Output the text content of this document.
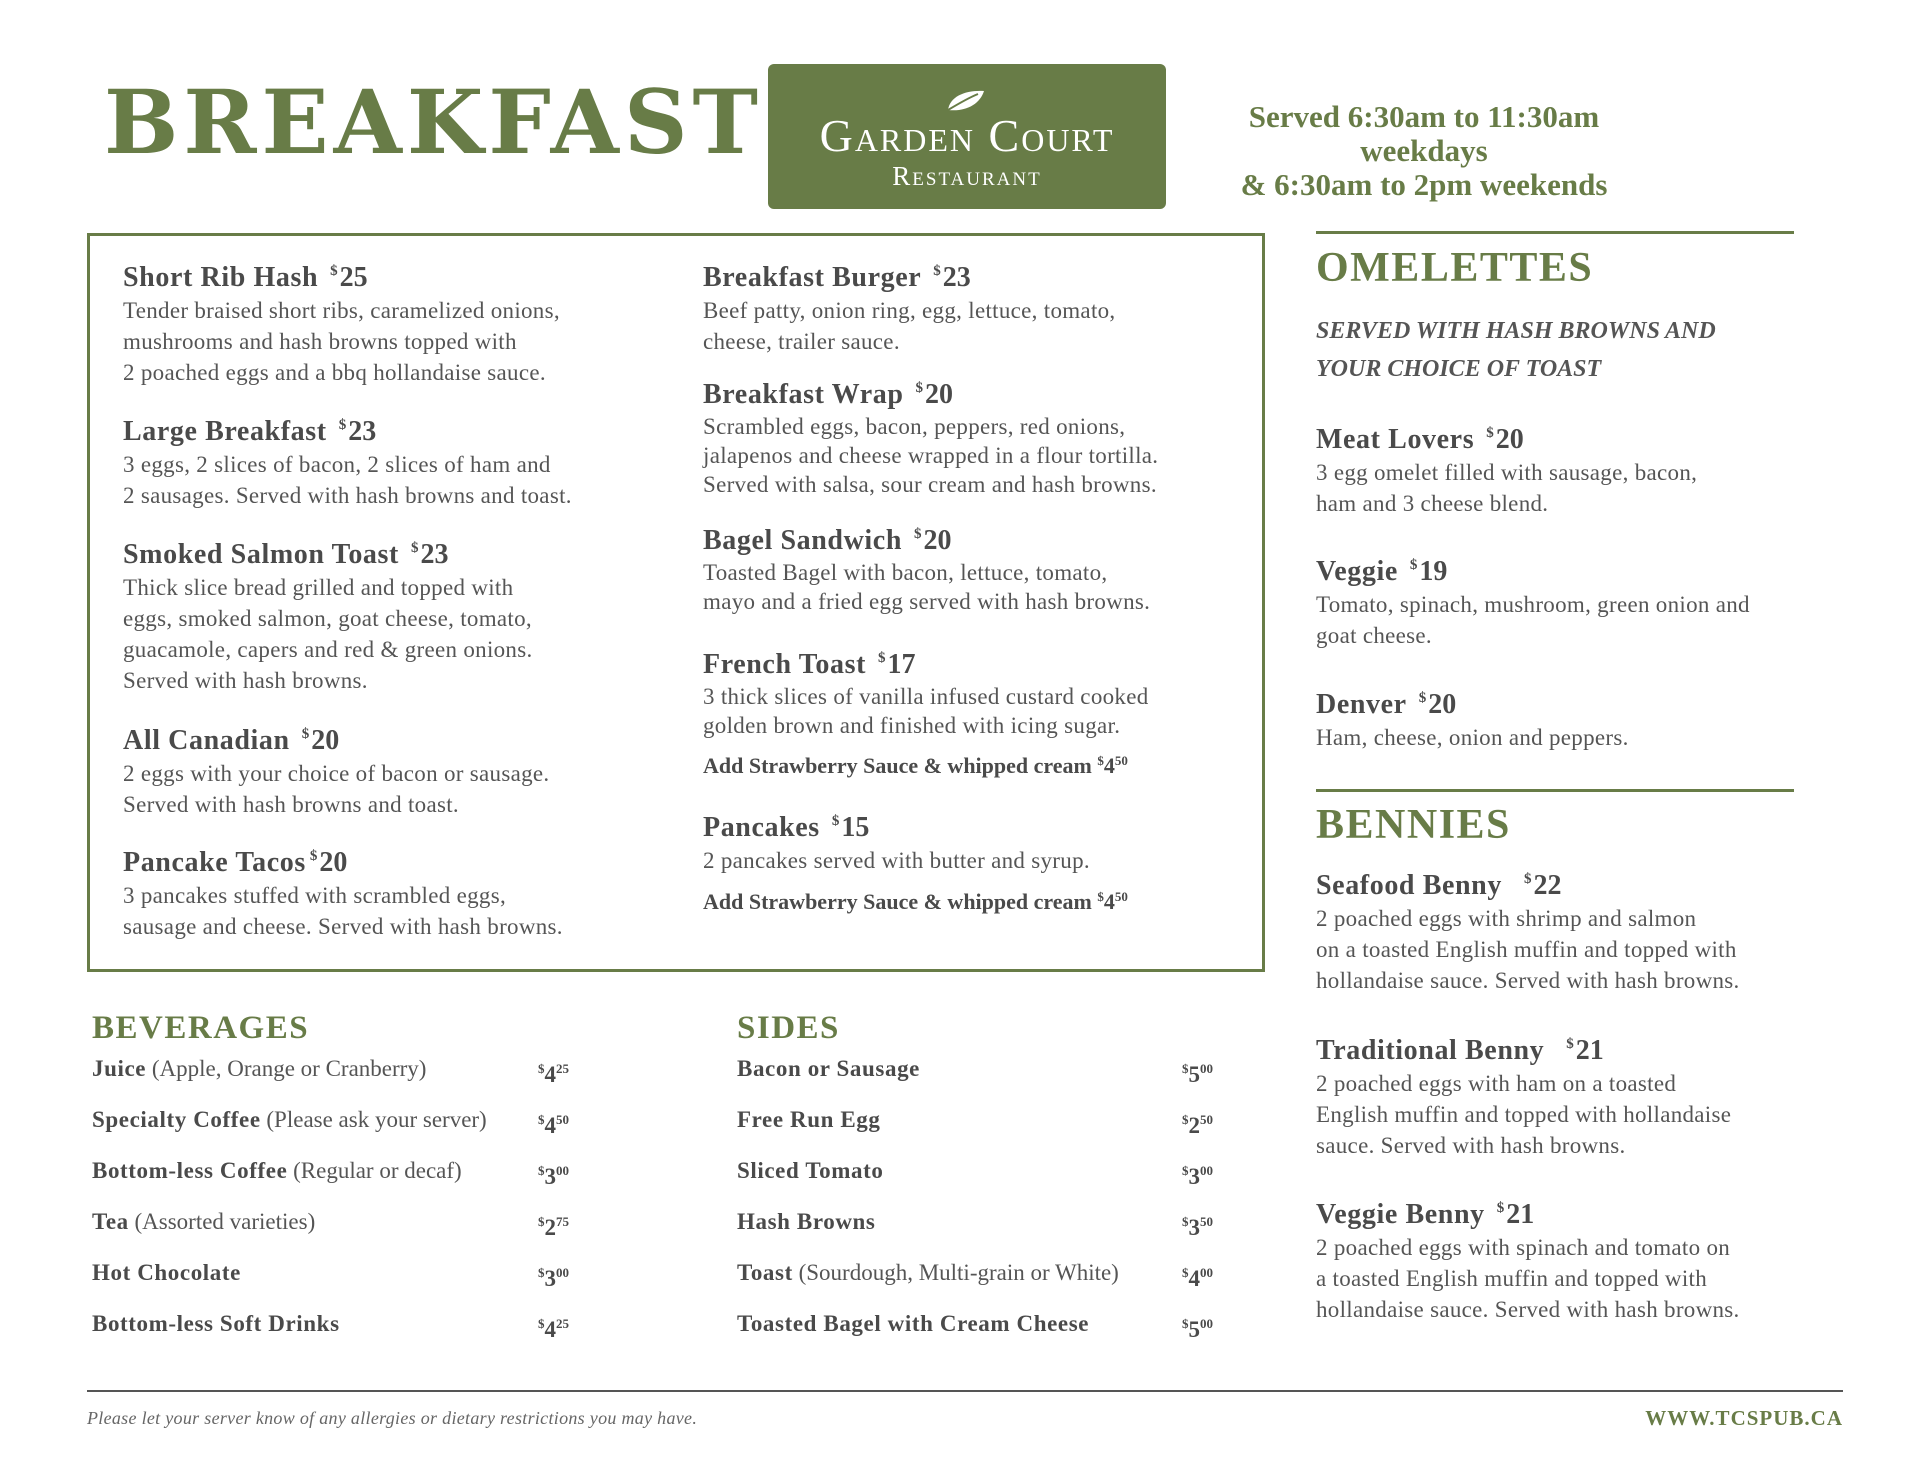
BREAKFAST	Garden Court
Restaurant
Served 6:30am to 11:30am weekdays
& 6:30am to 2pm weekends
Short Rib Hash $25
Tender braised short ribs, caramelized onions,
mushrooms and hash browns topped with
2 poached eggs and a bbq hollandaise sauce.
Large Breakfast $23
3 eggs, 2 slices of bacon, 2 slices of ham and
2 sausages. Served with hash browns and toast.
Smoked Salmon Toast $23
Thick slice bread grilled and topped with
eggs, smoked salmon, goat cheese, tomato,
guacamole, capers and red & green onions.
Served with hash browns.
All Canadian $20
2 eggs with your choice of bacon or sausage.
Served with hash browns and toast.
Pancake Tacos $20
3 pancakes stuffed with scrambled eggs,
sausage and cheese. Served with hash browns.
Breakfast Burger $23
Beef patty, onion ring, egg, lettuce, tomato,
cheese, trailer sauce.
Breakfast Wrap $20
Scrambled eggs, bacon, peppers, red onions,
jalapenos and cheese wrapped in a flour tortilla.
Served with salsa, sour cream and hash browns.
Bagel Sandwich $20
Toasted Bagel with bacon, lettuce, tomato,
mayo and a fried egg served with hash browns.
French Toast $17
3 thick slices of vanilla infused custard cooked
golden brown and finished with icing sugar.
Add Strawberry Sauce & whipped cream $^{\$}4^{50}$
Pancakes $15
2 pancakes served with butter and syrup.
Add Strawberry Sauce & whipped cream $^{\$}4^{50}$
OMELETTES
SERVED WITH HASH BROWNS AND
YOUR CHOICE OF TOAST
Meat Lovers $20
3 egg omelet filled with sausage, bacon,
ham and 3 cheese blend.
Veggie $19
Tomato, spinach, mushroom, green onion and
goat cheese.
Denver $20
Ham, cheese, onion and peppers.
BENNIES
Seafood Benny $22
2 poached eggs with shrimp and salmon
on a toasted English muffin and topped with
hollandaise sauce. Served with hash browns.
Traditional Benny $21
2 poached eggs with ham on a toasted
English muffin and topped with hollandaise
sauce. Served with hash browns.
Veggie Benny $21
2 poached eggs with spinach and tomato on
a toasted English muffin and topped with
hollandaise sauce. Served with hash browns.
BEVERAGES
Juice (Apple, Orange or Cranberry)	$^{\$}4^{25}$
Specialty Coffee (Please ask your server)	$^{\$}4^{50}$
Bottom-less Coffee (Regular or decaf)	$^{\$}3^{00}$
Tea (Assorted varieties)	$^{\$}2^{75}$
Hot Chocolate	$^{\$}3^{00}$
Bottom-less Soft Drinks	$^{\$}4^{25}$
SIDES
Bacon or Sausage	$^{\$}5^{00}$
Free Run Egg	$^{\$}2^{50}$
Sliced Tomato	$^{\$}3^{00}$
Hash Browns	$^{\$}3^{50}$
Toast (Sourdough, Multi-grain or White)	$^{\$}4^{00}$
Toasted Bagel with Cream Cheese	$^{\$}5^{00}$
Please let your server know of any allergies or dietary restrictions you may have.	WWW.TCSPUB.CA
